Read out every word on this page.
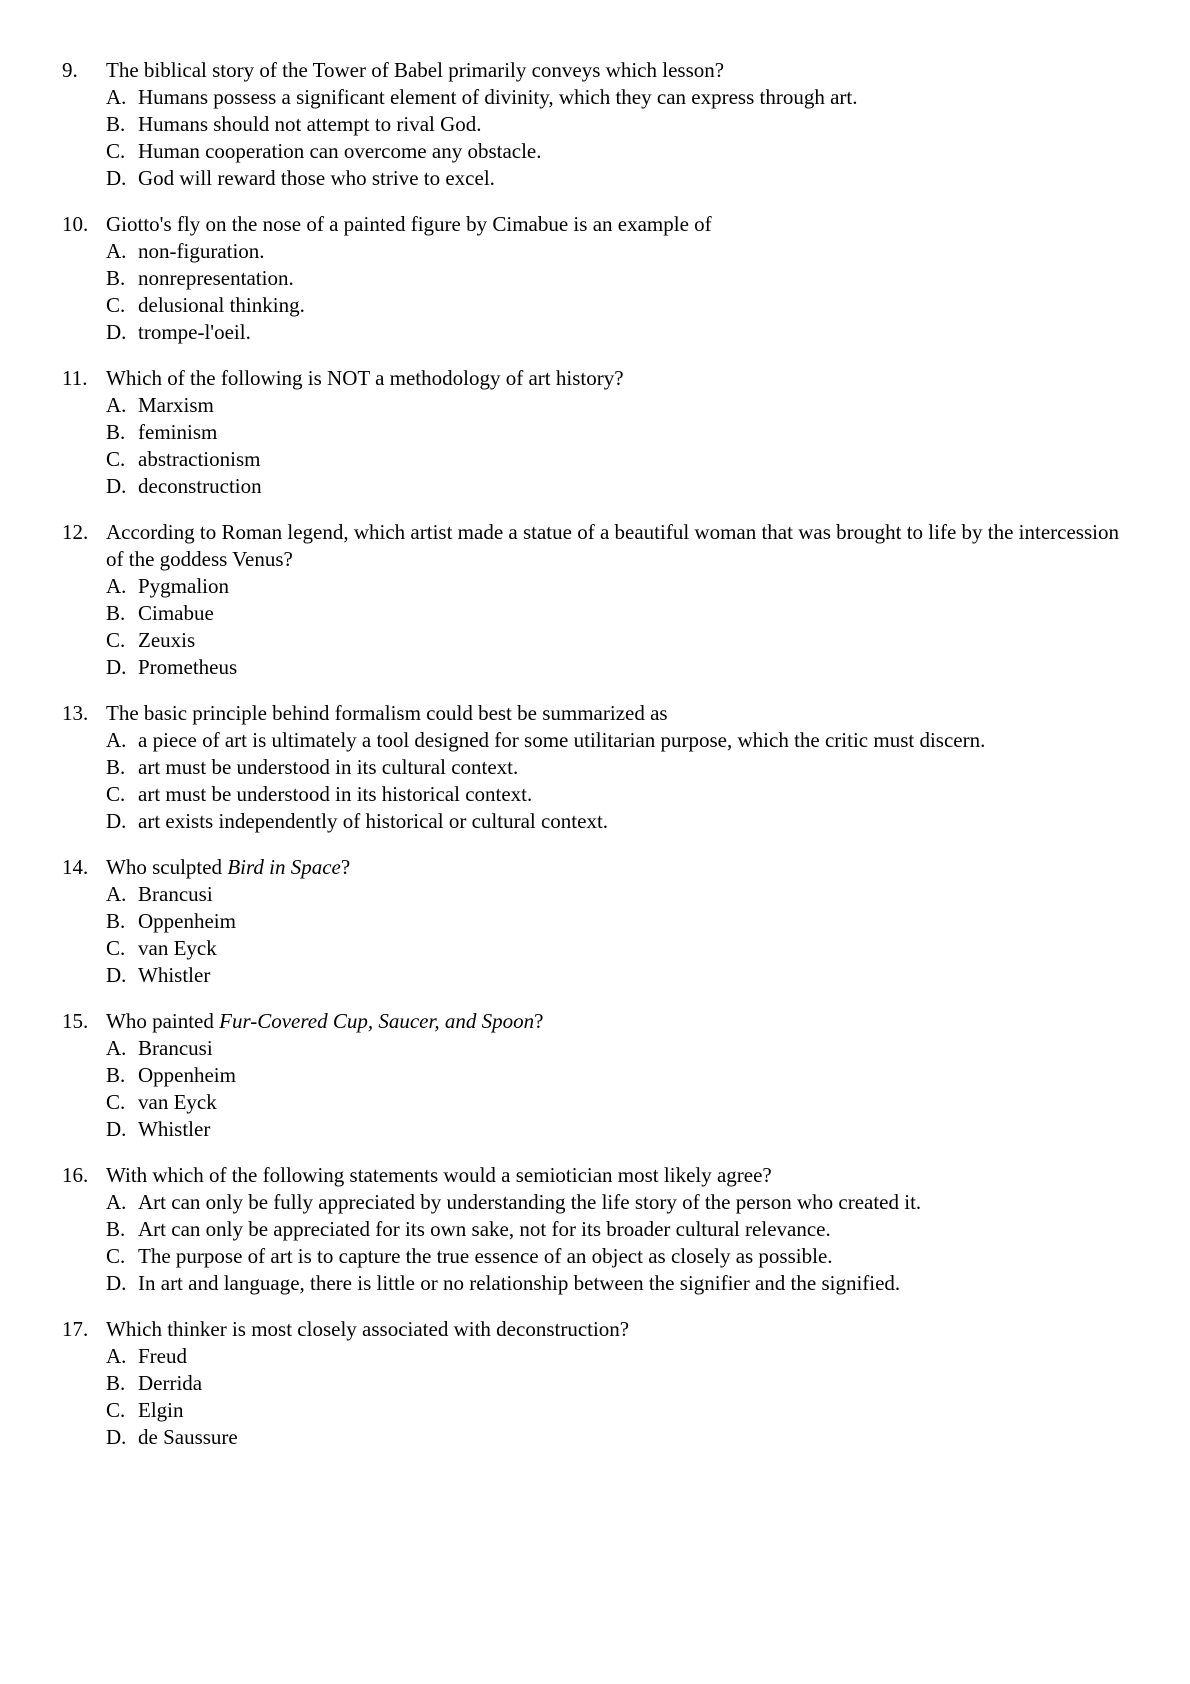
9.	The biblical story of the Tower of Babel primarily conveys which lesson?
A. Humans possess a significant element of divinity, which they can express through art.
B. Humans should not attempt to rival God.
C. Human cooperation can overcome any obstacle.
D. God will reward those who strive to excel.
10. Giotto's fly on the nose of a painted figure by Cimabue is an example of
A. non-figuration.
B. nonrepresentation.
C. delusional thinking.
D. trompe-l'oeil.
11. Which of the following is NOT a methodology of art history?
A. Marxism
B. feminism
C. abstractionism
D. deconstruction
12. According to Roman legend, which artist made a statue of a beautiful woman that was brought to life by the intercession of the goddess Venus?
A. Pygmalion
B. Cimabue
C. Zeuxis
D. Prometheus
13. The basic principle behind formalism could best be summarized as
A. a piece of art is ultimately a tool designed for some utilitarian purpose, which the critic must discern.
B. art must be understood in its cultural context.
C. art must be understood in its historical context.
D. art exists independently of historical or cultural context.
14. Who sculpted Bird in Space?
A. Brancusi
B. Oppenheim
C. van Eyck
D. Whistler
15. Who painted Fur-Covered Cup, Saucer, and Spoon?
A. Brancusi
B. Oppenheim
C. van Eyck
D. Whistler
16. With which of the following statements would a semiotician most likely agree?
A. Art can only be fully appreciated by understanding the life story of the person who created it.
B. Art can only be appreciated for its own sake, not for its broader cultural relevance.
C. The purpose of art is to capture the true essence of an object as closely as possible.
D. In art and language, there is little or no relationship between the signifier and the signified.
17. Which thinker is most closely associated with deconstruction?
A. Freud
B. Derrida
C. Elgin
D. de Saussure
